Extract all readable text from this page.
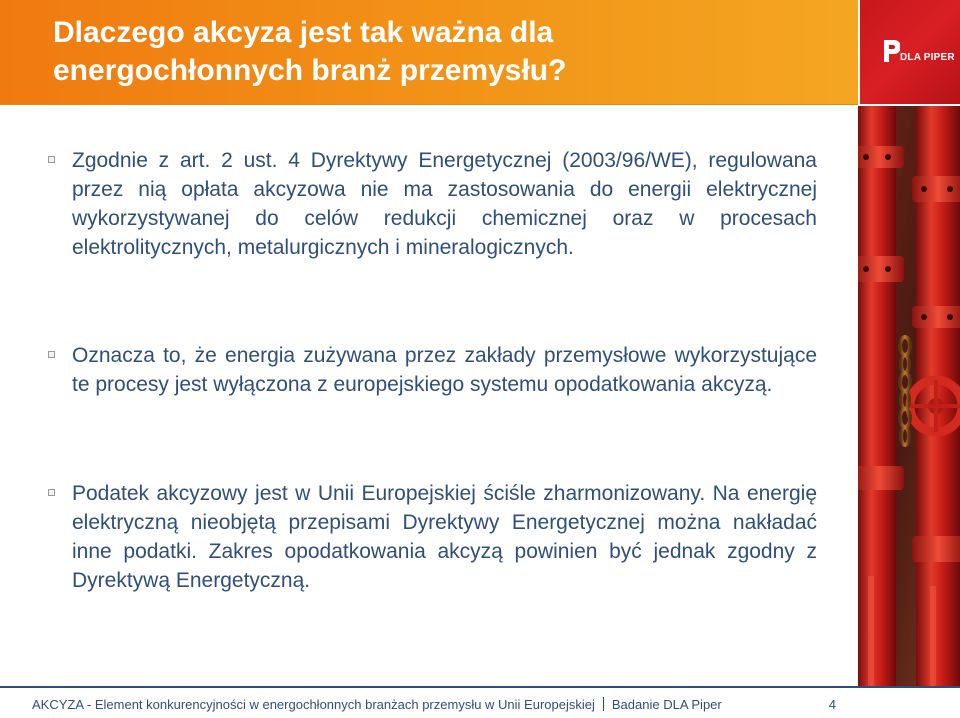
Dlaczego akcyza jest tak ważna dla
energochłonnych branż przemysłu?	DLA PIPER

Zgodnie z art. 2 ust. 4 Dyrektywy Energetycznej (2003/96/WE), regulowana przez nią opłata akcyzowa nie ma zastosowania do energii elektrycznej wykorzystywanej do celów redukcji chemicznej oraz w procesach elektrolitycznych, metalurgicznych i mineralogicznych.

Oznacza to, że energia zużywana przez zakłady przemysłowe wykorzystujące te procesy jest wyłączona z europejskiego systemu opodatkowania akcyzą.

Podatek akcyzowy jest w Unii Europejskiej ściśle zharmonizowany. Na energię elektryczną nieobjętą przepisami Dyrektywy Energetycznej można nakładać inne podatki. Zakres opodatkowania akcyzą powinien być jednak zgodny z Dyrektywą Energetyczną.

AKCYZA - Element konkurencyjności w energochłonnych branżach przemysłu w Unii Europejskiej Badanie DLA Piper	4
